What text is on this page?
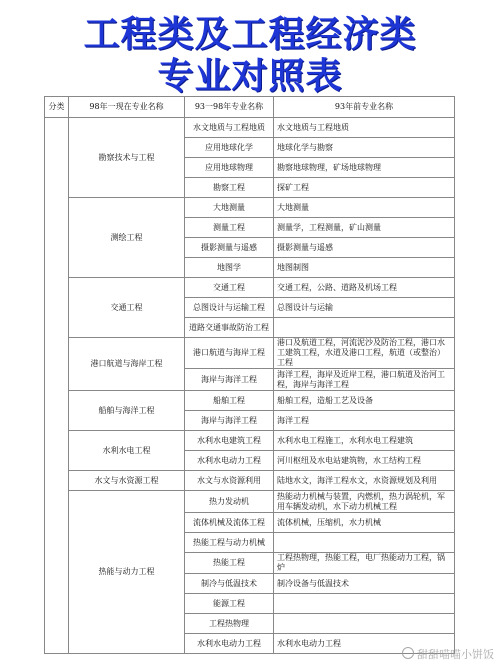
工程类及工程经济类
专业对照表
分类	98年一现在专业名称	93一98年专业名称	93年前专业名称
	勘察技术与工程	水文地质与工程地质	水文地质与工程地质
		应用地球化学	地球化学与勘察
		应用地球物理	勘察地球物理，矿场地球物理
		勘察工程	探矿工程
	测绘工程	大地测量	大地测量
		测量工程	测量学，工程测量，矿山测量
		摄影测量与遥感	摄影测量与遥感
		地图学	地图制图
	交通工程	交通工程	交通工程，公路、道路及机场工程
		总图设计与运输工程	总图设计与运输
		道路交通事故防治工程	
	港口航道与海岸工程	港口航道与海岸工程	港口及航道工程，河流泥沙及防治工程，港口水工建筑工程，水道及港口工程，航道（或整治）工程
		海岸与海洋工程	海洋工程，海岸及近岸工程，港口航道及治河工程，海岸与海洋工程
	船舶与海洋工程	船舶工程	船舶工程，造船工艺及设备
		海岸与海洋工程	海洋工程
	水利水电工程	水利水电建筑工程	水利水电工程施工，水利水电工程建筑
		水利水电动力工程	河川枢纽及水电站建筑物，水工结构工程
	水文与水资源工程	水文与水资源利用	陆地水文，海洋工程水文，水资源规划及利用
	热能与动力工程	热力发动机	热能动力机械与装置，内燃机，热力涡轮机，军用车辆发动机，水下动力机械工程
		流体机械及流体工程	流体机械，压缩机，水力机械
		热能工程与动力机械	
		热能工程	工程热物理，热能工程，电厂热能动力工程，锅炉
		制冷与低温技术	制冷设备与低温技术
		能源工程	
		工程热物理	
		水利水电动力工程	水利水电动力工程
甜甜喵喵小饼饭
